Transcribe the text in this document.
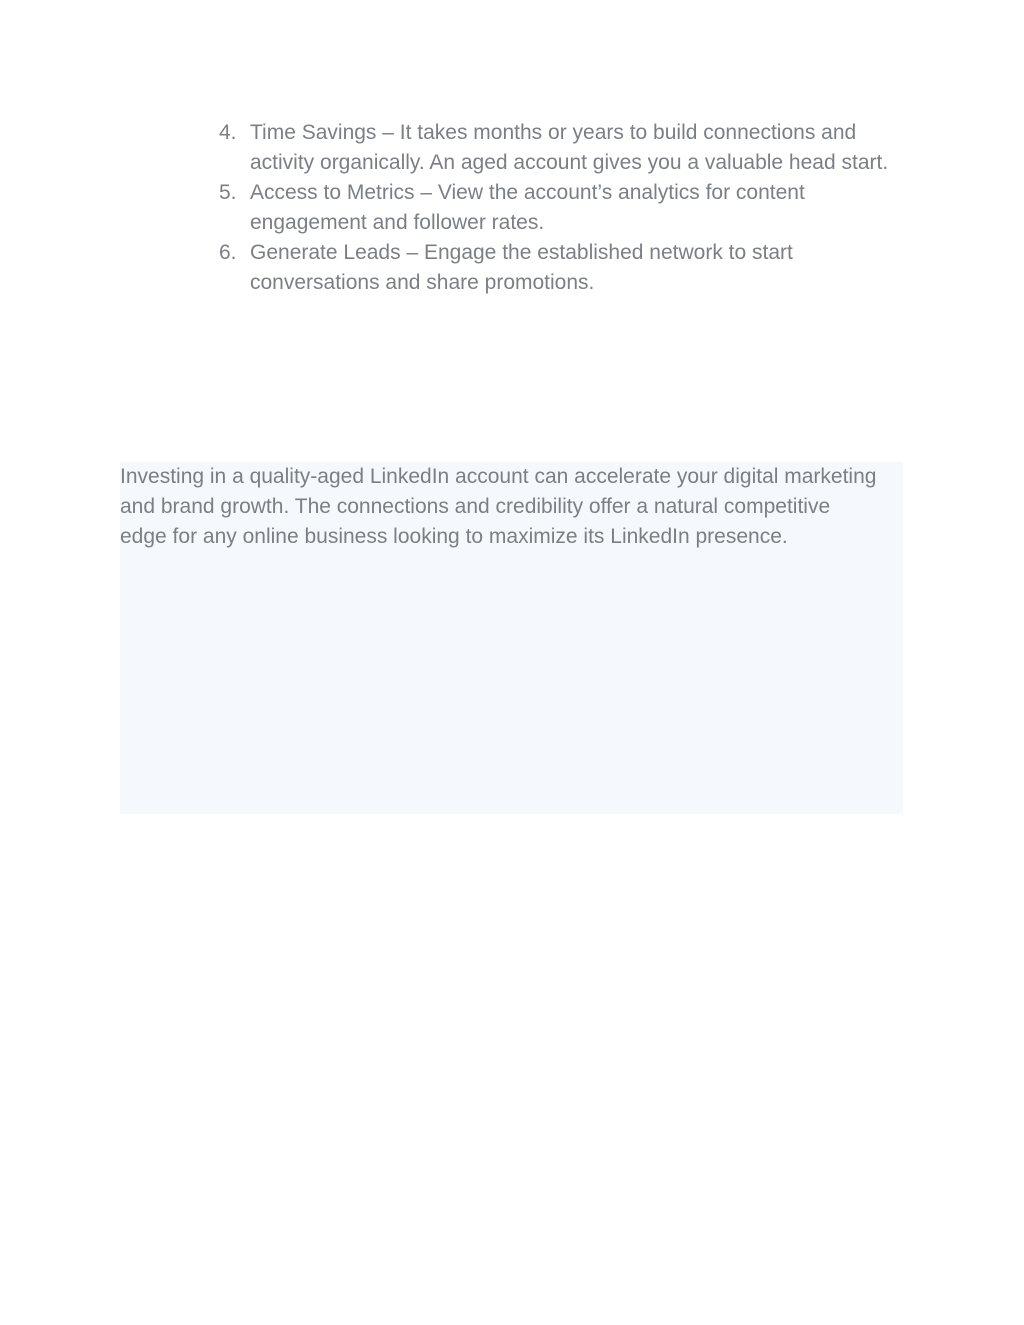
4. Time Savings – It takes months or years to build connections and activity organically. An aged account gives you a valuable head start.
5. Access to Metrics – View the account’s analytics for content engagement and follower rates.
6. Generate Leads – Engage the established network to start conversations and share promotions.

Investing in a quality-aged LinkedIn account can accelerate your digital marketing and brand growth. The connections and credibility offer a natural competitive edge for any online business looking to maximize its LinkedIn presence.
